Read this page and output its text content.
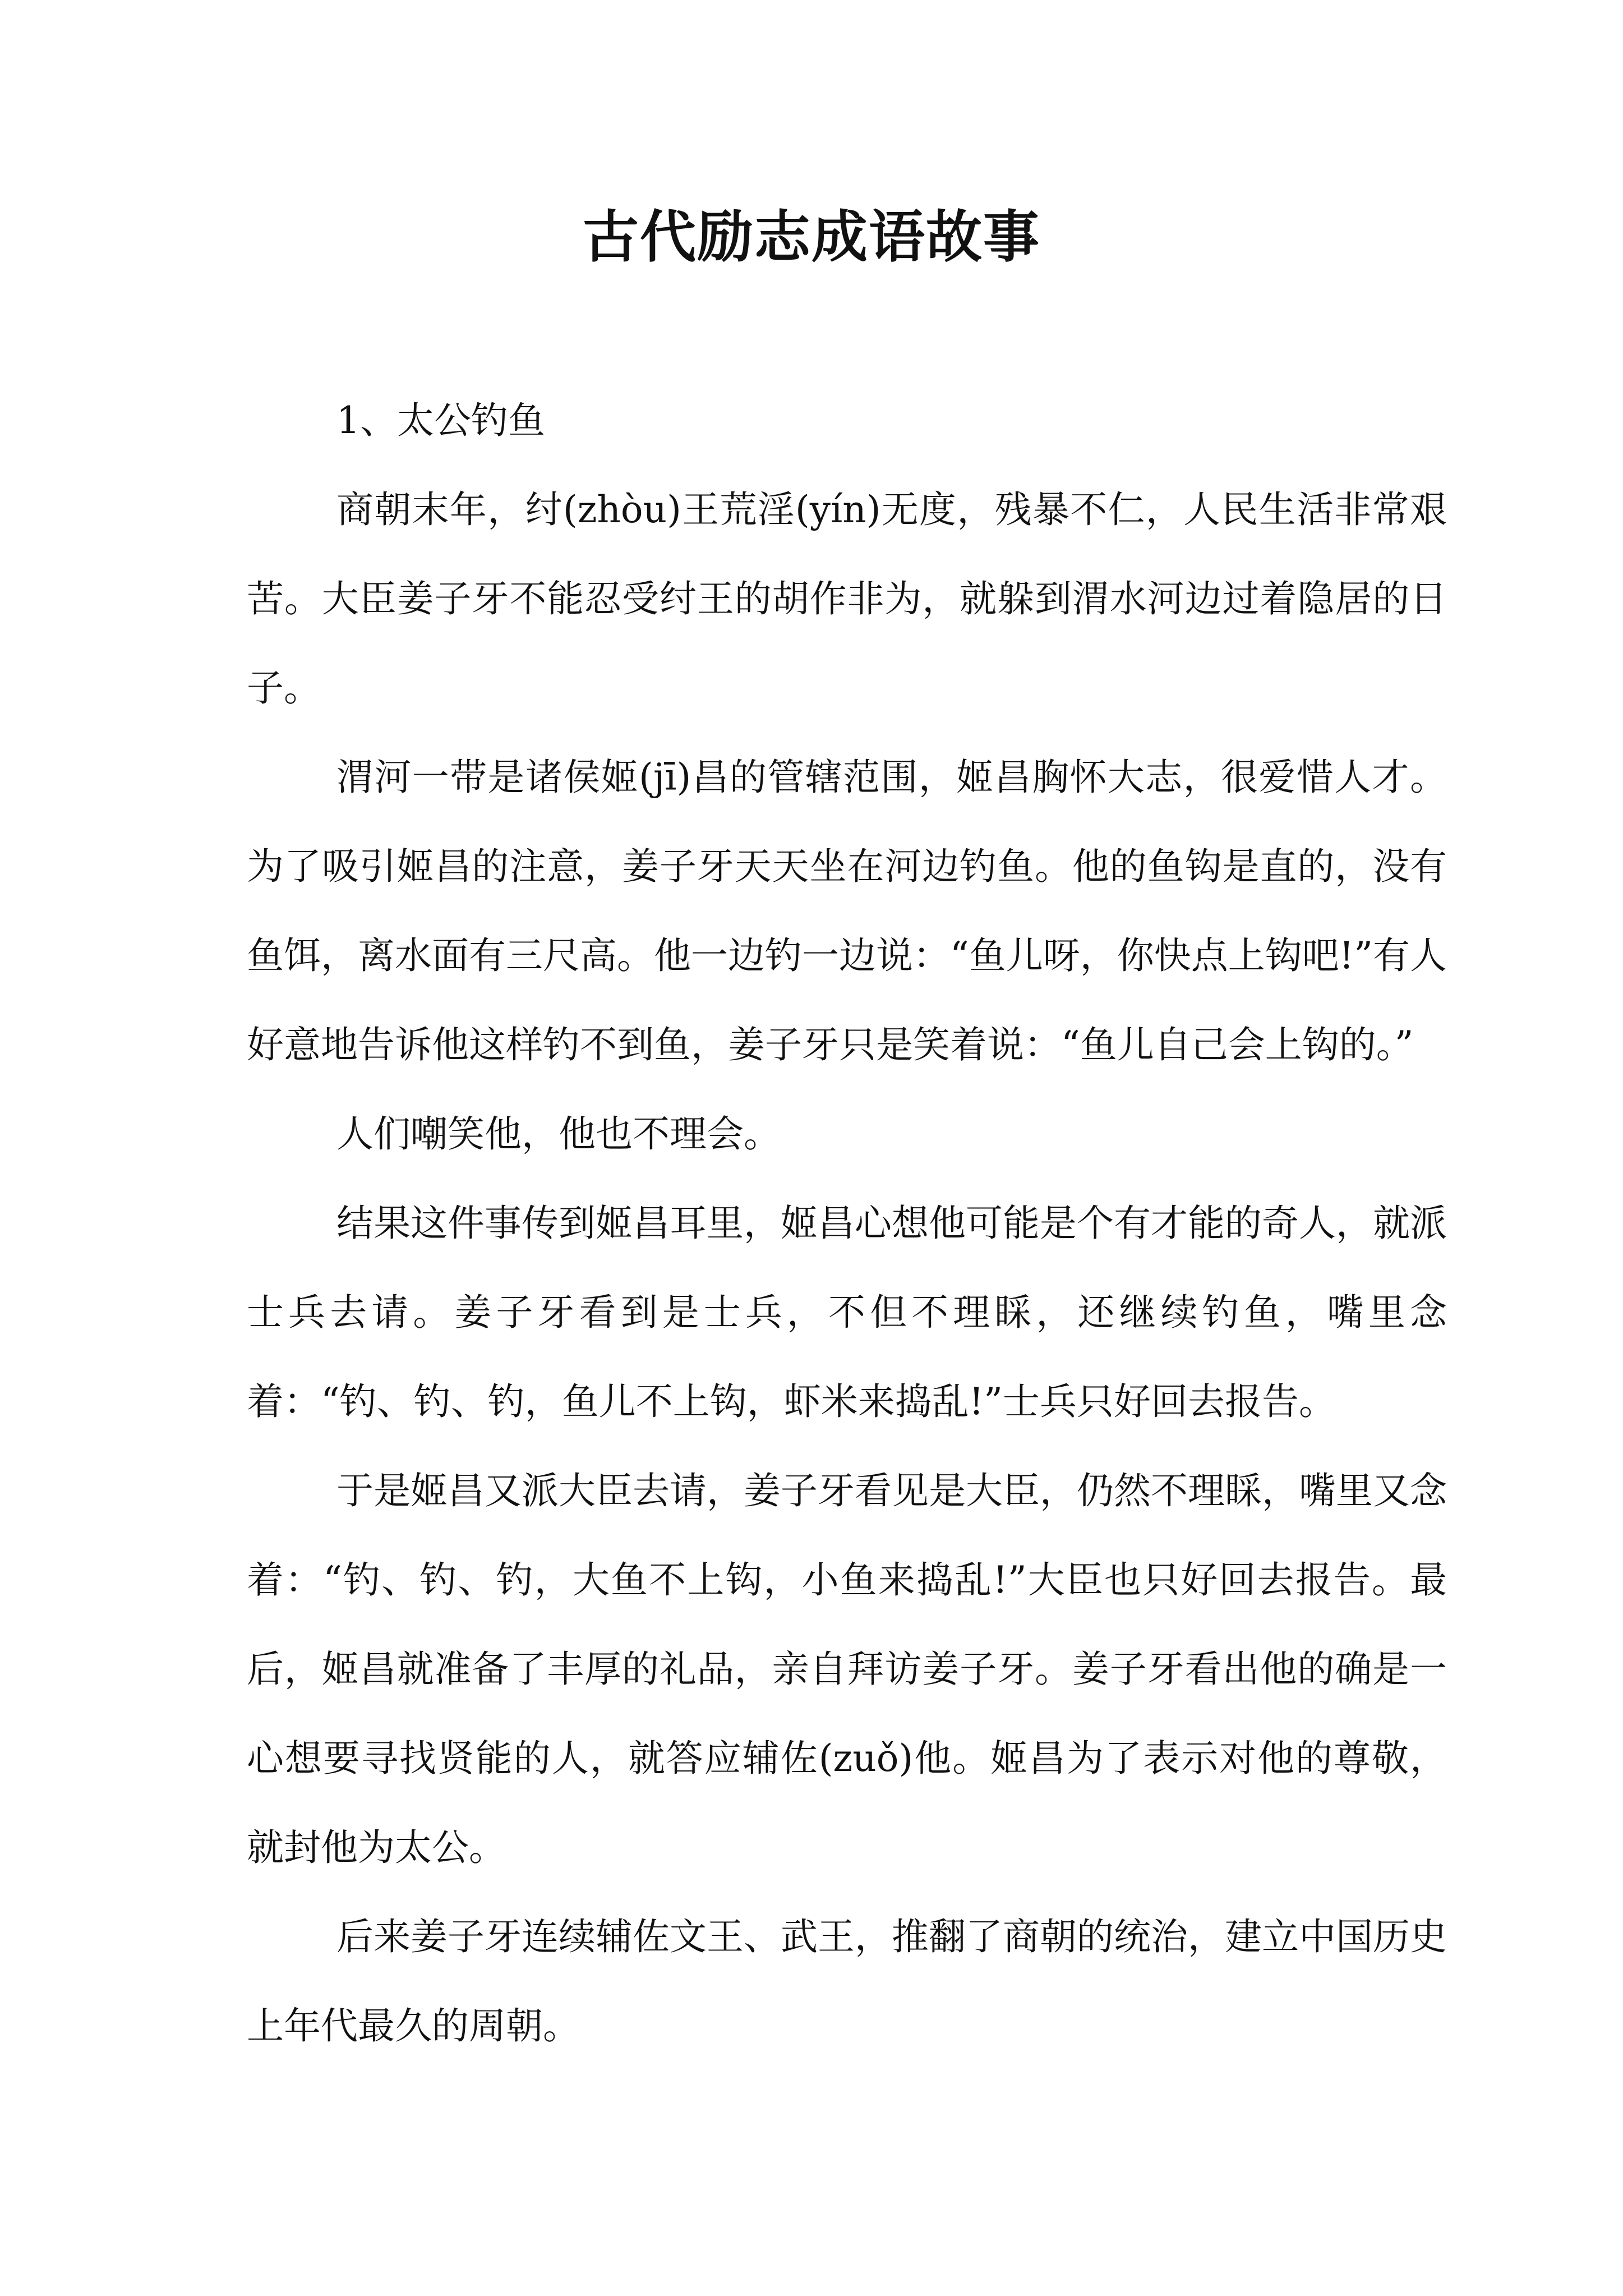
古代励志成语故事

1、太公钓鱼

商朝末年，纣(zhòu)王荒淫(yín)无度，残暴不仁，人民生活非常艰苦。大臣姜子牙不能忍受纣王的胡作非为，就躲到渭水河边过着隐居的日子。

渭河一带是诸侯姬(jī)昌的管辖范围，姬昌胸怀大志，很爱惜人才。为了吸引姬昌的注意，姜子牙天天坐在河边钓鱼。他的鱼钩是直的，没有鱼饵，离水面有三尺高。他一边钓一边说：“鱼儿呀，你快点上钩吧!”有人好意地告诉他这样钓不到鱼，姜子牙只是笑着说：“鱼儿自己会上钩的。”

人们嘲笑他，他也不理会。

结果这件事传到姬昌耳里，姬昌心想他可能是个有才能的奇人，就派士兵去请。姜子牙看到是士兵，不但不理睬，还继续钓鱼，嘴里念着：“钓、钓、钓，鱼儿不上钩，虾米来捣乱!”士兵只好回去报告。

于是姬昌又派大臣去请，姜子牙看见是大臣，仍然不理睬，嘴里又念着：“钓、钓、钓，大鱼不上钩，小鱼来捣乱!”大臣也只好回去报告。最后，姬昌就准备了丰厚的礼品，亲自拜访姜子牙。姜子牙看出他的确是一心想要寻找贤能的人，就答应辅佐(zuǒ)他。姬昌为了表示对他的尊敬，就封他为太公。

后来姜子牙连续辅佐文王、武王，推翻了商朝的统治，建立中国历史上年代最久的周朝。
